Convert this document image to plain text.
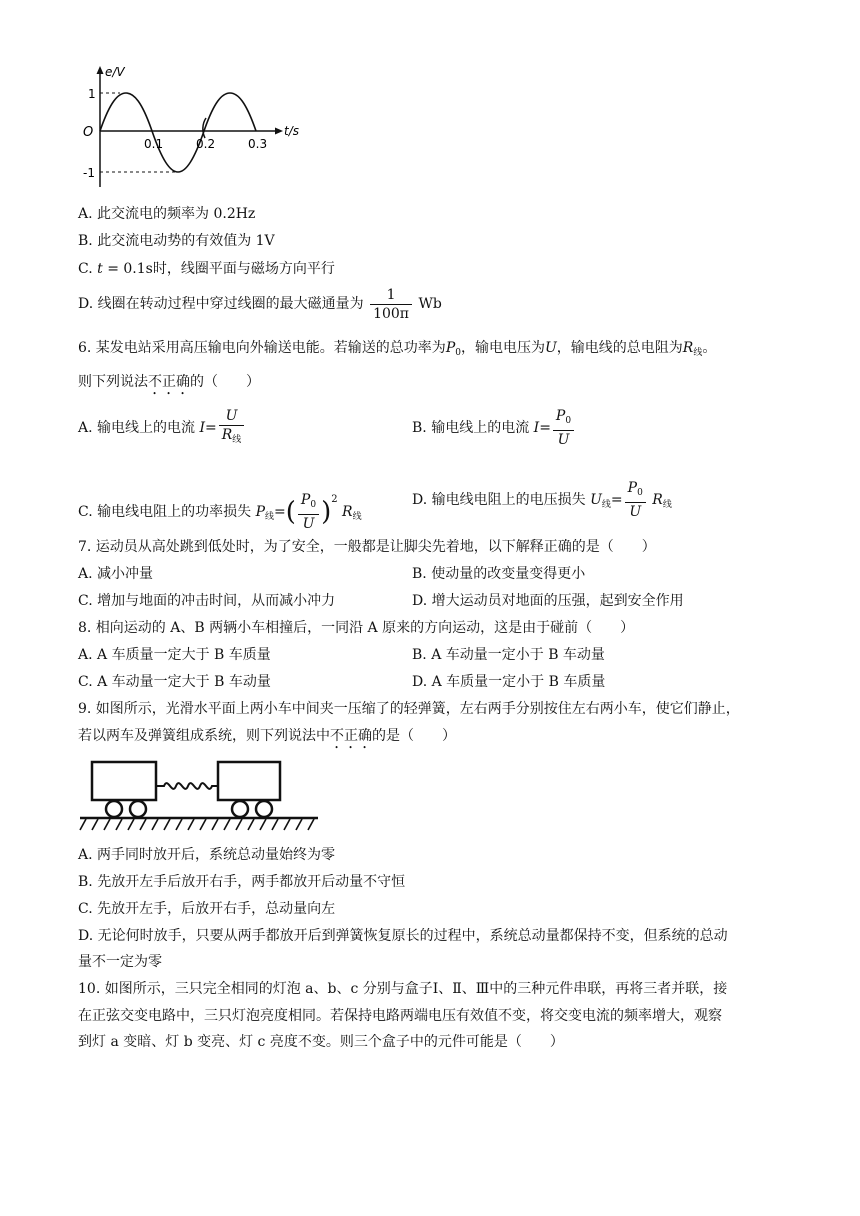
e/V
t/s
O
1
-1
0.1	0.2	0.3
A. 此交流电的频率为 0.2Hz
B. 此交流电动势的有效值为 1V
C. t = 0.1s时，线圈平面与磁场方向平行
D. 线圈在转动过程中穿过线圈的最大磁通量为 $\frac{1}{100\pi}$ Wb
6. 某发电站采用高压输电向外输送电能。若输送的总功率为$P_0$，输电电压为U，输电线的总电阻为$R_线$。
则下列说法不正确的（　　）
A. 输电线上的电流 $I= \frac{U}{R_线}$	B. 输电线上的电流 $I= \frac{P_0}{U}$
C. 输电线电阻上的功率损失 $P_线=( \frac{P_0}{U} )^2$ $R_线$
D. 输电线电阻上的电压损失 $U_线= \frac{P_0}{U} R_线$
7. 运动员从高处跳到低处时，为了安全，一般都是让脚尖先着地，以下解释正确的是（　　）
A. 减小冲量	B. 使动量的改变量变得更小
C. 增加与地面的冲击时间，从而减小冲力	D. 增大运动员对地面的压强，起到安全作用
8. 相向运动的 A、B 两辆小车相撞后，一同沿 A 原来的方向运动，这是由于碰前（　　）
A. A 车质量一定大于 B 车质量	B. A 车动量一定小于 B 车动量
C. A 车动量一定大于 B 车动量	D. A 车质量一定小于 B 车质量
9. 如图所示，光滑水平面上两小车中间夹一压缩了的轻弹簧，左右两手分别按住左右两小车，使它们静止，
若以两车及弹簧组成系统，则下列说法中不正确的是（　　）
A. 两手同时放开后，系统总动量始终为零
B. 先放开左手后放开右手，两手都放开后动量不守恒
C. 先放开左手，后放开右手，总动量向左
D. 无论何时放手，只要从两手都放开后到弹簧恢复原长的过程中，系统总动量都保持不变，但系统的总动
量不一定为零
10. 如图所示，三只完全相同的灯泡 a、b、c 分别与盒子Ⅰ、Ⅱ、Ⅲ中的三种元件串联，再将三者并联，接
在正弦交变电路中，三只灯泡亮度相同。若保持电路两端电压有效值不变，将交变电流的频率增大，观察
到灯 a 变暗、灯 b 变亮、灯 c 亮度不变。则三个盒子中的元件可能是（　　）
